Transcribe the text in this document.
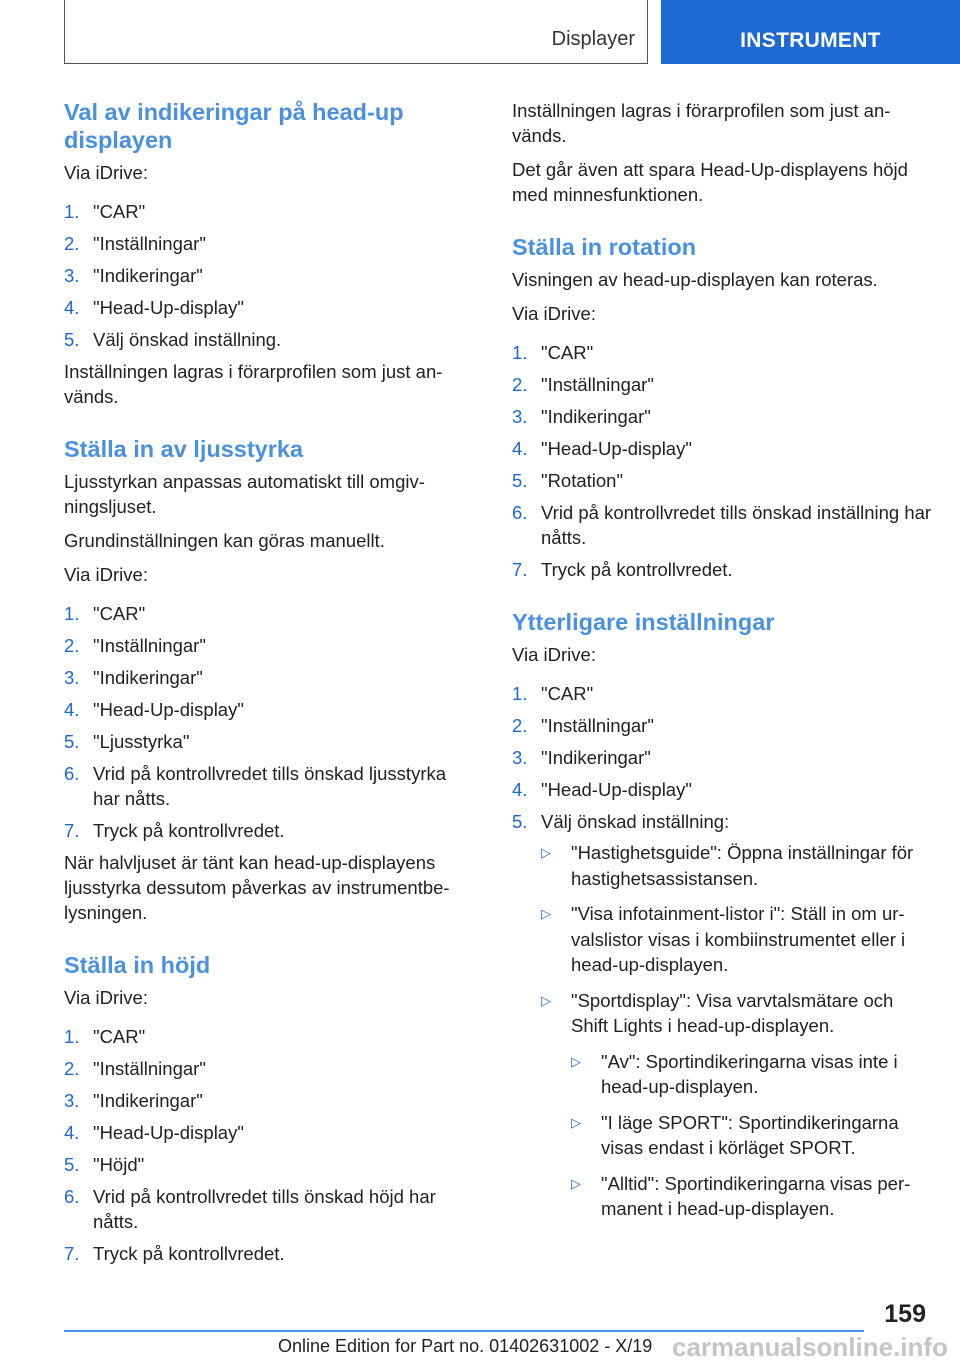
Displayer	INSTRUMENT
Val av indikeringar på head-up displayen

Via iDrive:

1. "CAR"
2. "Inställningar"
3. "Indikeringar"
4. "Head-Up-display"
5. Välj önskad inställning.

Inställningen lagras i förarprofilen som just används.

Ställa in av ljusstyrka

Ljusstyrkan anpassas automatiskt till omgivningsljuset.

Grundinställningen kan göras manuellt.

Via iDrive:

1. "CAR"
2. "Inställningar"
3. "Indikeringar"
4. "Head-Up-display"
5. "Ljusstyrka"
6. Vrid på kontrollvredet tills önskad ljusstyrka har nåtts.
7. Tryck på kontrollvredet.

När halvljuset är tänt kan head-up-displayens ljusstyrka dessutom påverkas av instrumentbelysningen.

Ställa in höjd

Via iDrive:

1. "CAR"
2. "Inställningar"
3. "Indikeringar"
4. "Head-Up-display"
5. "Höjd"
6. Vrid på kontrollvredet tills önskad höjd har nåtts.
7. Tryck på kontrollvredet.

Inställningen lagras i förarprofilen som just används.

Det går även att spara Head-Up-displayens höjd med minnesfunktionen.

Ställa in rotation

Visningen av head-up-displayen kan roteras.

Via iDrive:

1. "CAR"
2. "Inställningar"
3. "Indikeringar"
4. "Head-Up-display"
5. "Rotation"
6. Vrid på kontrollvredet tills önskad inställning har nåtts.
7. Tryck på kontrollvredet.
Ytterligare inställningar

Via iDrive:

1. "CAR"
2. "Inställningar"
3. "Indikeringar"
4. "Head-Up-display"
5. Välj önskad inställning:
▷ "Hastighetsguide": Öppna inställningar för hastighetsassistansen.
▷ "Visa infotainment-listor i": Ställ in om urvalslistor visas i kombiinstrumentet eller i head-up-displayen.
▷ "Sportdisplay": Visa varvtalsmätare och Shift Lights i head-up-displayen.
▷ "Av": Sportindikeringarna visas inte i head-up-displayen.
▷ "I läge SPORT": Sportindikeringarna visas endast i körläget SPORT.
▷ "Alltid": Sportindikeringarna visas permanent i head-up-displayen.
159
Online Edition for Part no. 01402631002 - X/19 carmanualsonline.info
